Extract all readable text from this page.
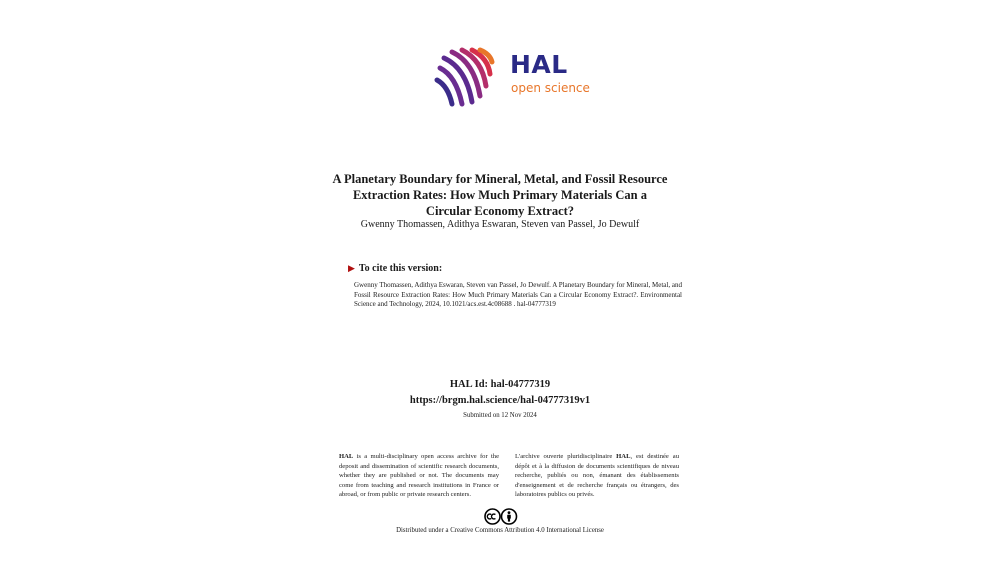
HAL
open science
A Planetary Boundary for Mineral, Metal, and Fossil Resource Extraction Rates: How Much Primary Materials Can a Circular Economy Extract?
Gwenny Thomassen, Adithya Eswaran, Steven van Passel, Jo Dewulf
▶ To cite this version:
Gwenny Thomassen, Adithya Eswaran, Steven van Passel, Jo Dewulf. A Planetary Boundary for Mineral, Metal, and Fossil Resource Extraction Rates: How Much Primary Materials Can a Circular Economy Extract?. Environmental Science and Technology, 2024, 10.1021/acs.est.4c08688 . hal-04777319
HAL Id: hal-04777319
https://brgm.hal.science/hal-04777319v1
Submitted on 12 Nov 2024
HAL is a multi-disciplinary open access archive for the deposit and dissemination of scientific research documents, whether they are published or not. The documents may come from teaching and research institutions in France or abroad, or from public or private research centers.
L'archive ouverte pluridisciplinaire HAL, est destinée au dépôt et à la diffusion de documents scientifiques de niveau recherche, publiés ou non, émanant des établissements d'enseignement et de recherche français ou étrangers, des laboratoires publics ou privés.
Distributed under a Creative Commons Attribution 4.0 International License
